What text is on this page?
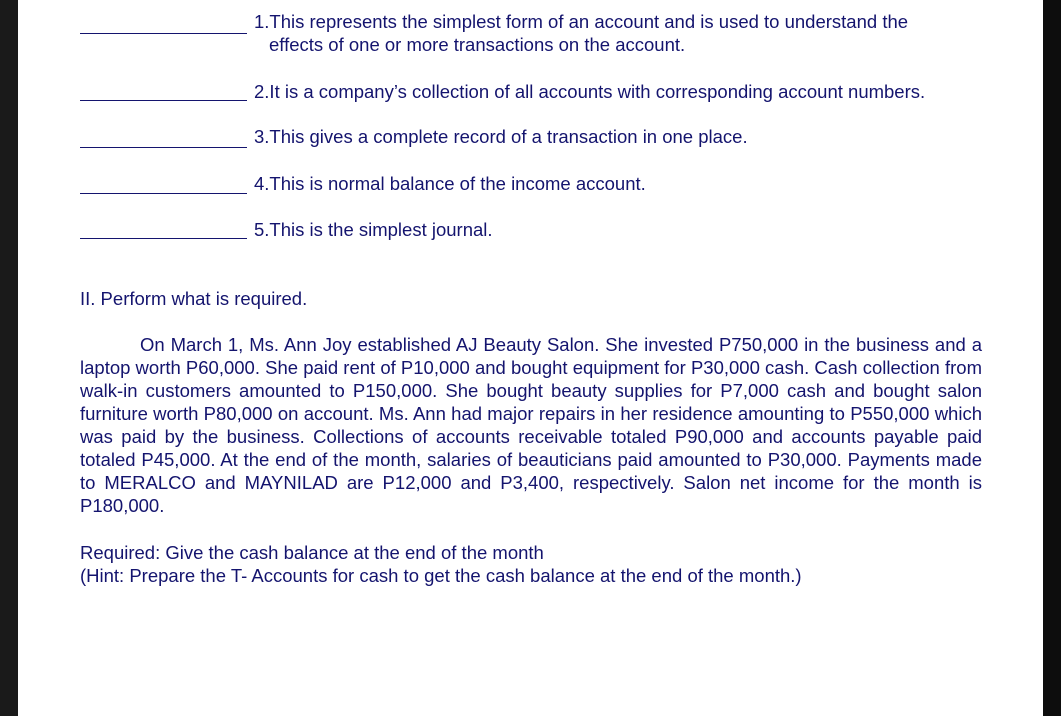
1.This represents the simplest form of an account and is used to understand the
effects of one or more transactions on the account.
2.It is a company’s collection of all accounts with corresponding account numbers.
3.This gives a complete record of a transaction in one place.
4.This is normal balance of the income account.
5.This is the simplest journal.
II. Perform what is required.

On March 1, Ms. Ann Joy established AJ Beauty Salon. She invested P750,000 in the business and a laptop worth P60,000. She paid rent of P10,000 and bought equipment for P30,000 cash. Cash collection from walk-in customers amounted to P150,000. She bought beauty supplies for P7,000 cash and bought salon furniture worth P80,000 on account. Ms. Ann had major repairs in her residence amounting to P550,000 which was paid by the business. Collections of accounts receivable totaled P90,000 and accounts payable paid totaled P45,000. At the end of the month, salaries of beauticians paid amounted to P30,000. Payments made to MERALCO and MAYNILAD are P12,000 and P3,400, respectively. Salon net income for the month is P180,000.

Required: Give the cash balance at the end of the month
(Hint: Prepare the T- Accounts for cash to get the cash balance at the end of the month.)
